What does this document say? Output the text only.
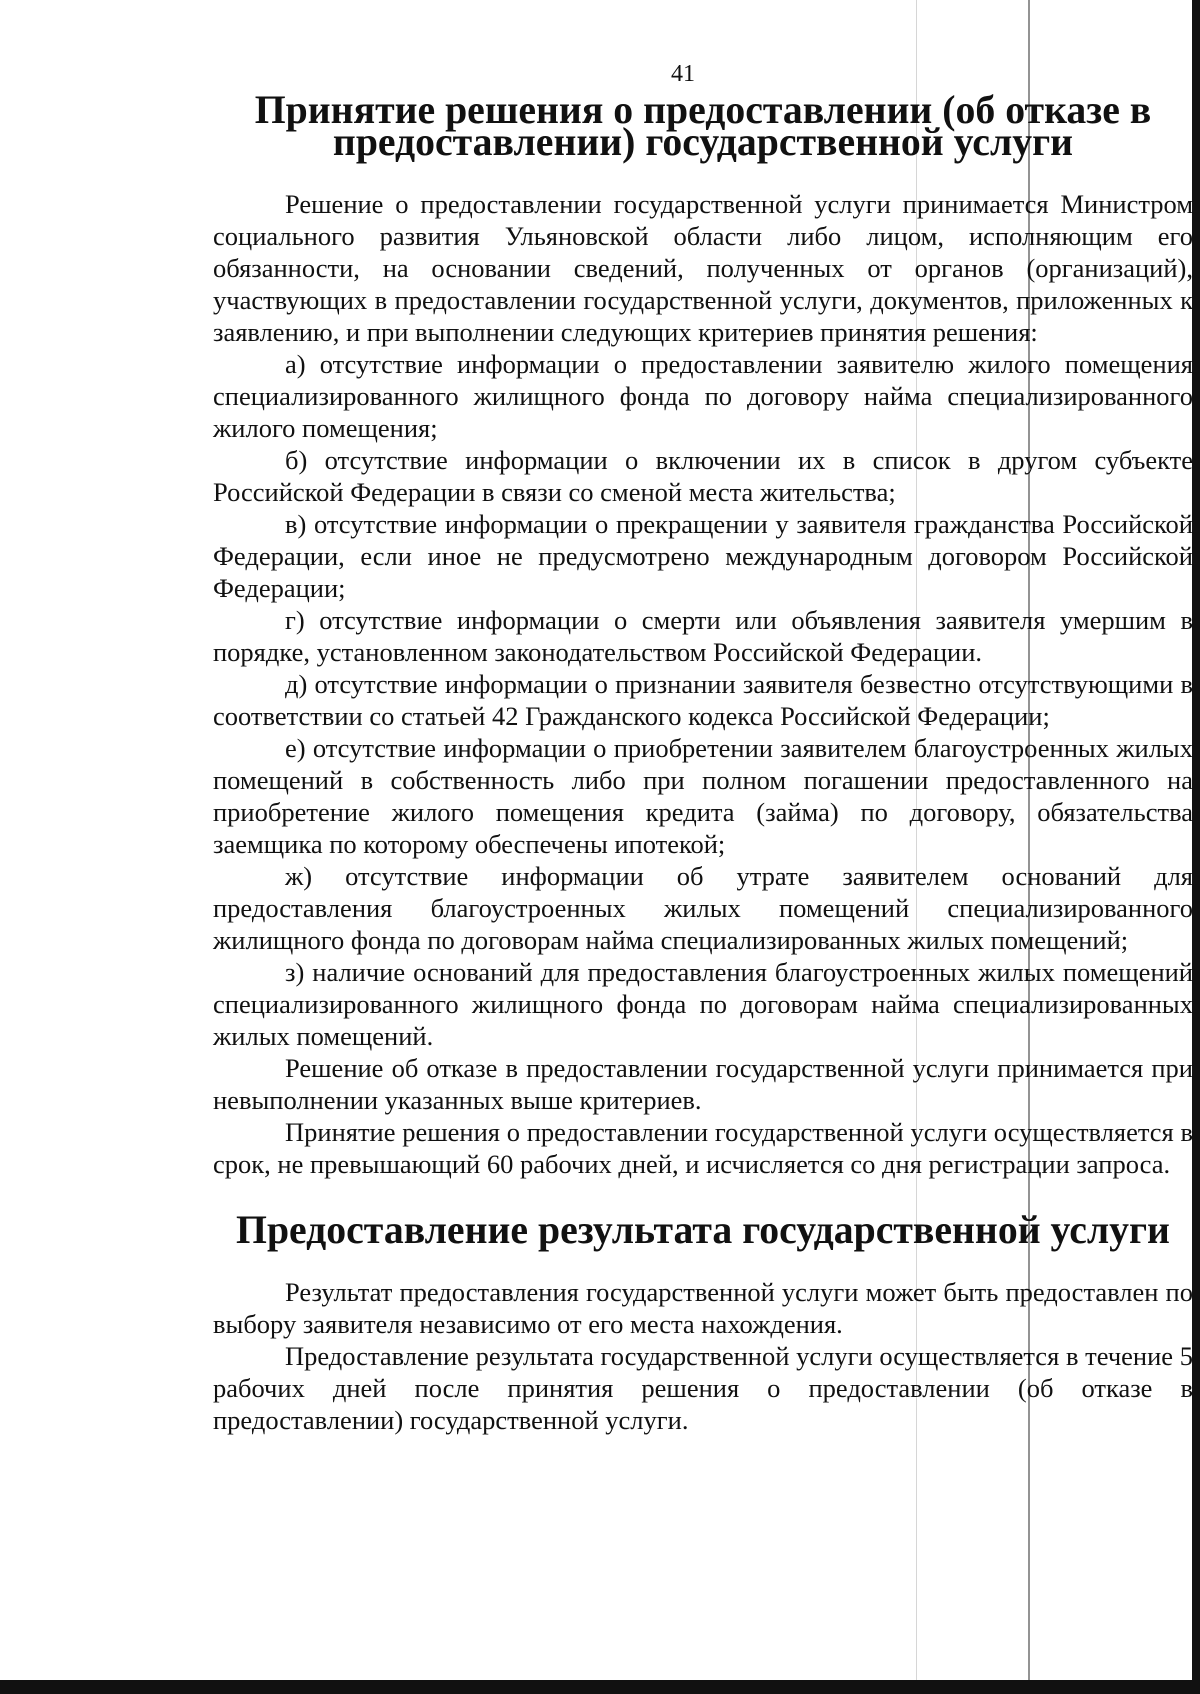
41
Принятие решения о предоставлении (об отказе в предоставлении) государственной услуги

Решение о предоставлении государственной услуги принимается Министром социального развития Ульяновской области либо лицом, исполняющим его обязанности, на основании сведений, полученных от органов (организаций), участвующих в предоставлении государственной услуги, документов, приложенных к заявлению, и при выполнении следующих критериев принятия решения:

а) отсутствие информации о предоставлении заявителю жилого помещения специализированного жилищного фонда по договору найма специализированного жилого помещения;

б) отсутствие информации о включении их в список в другом субъекте Российской Федерации в связи со сменой места жительства;

в) отсутствие информации о прекращении у заявителя гражданства Российской Федерации, если иное не предусмотрено международным договором Российской Федерации;

г) отсутствие информации о смерти или объявления заявителя умершим в порядке, установленном законодательством Российской Федерации.

д) отсутствие информации о признании заявителя безвестно отсутствующими в соответствии со статьей 42 Гражданского кодекса Российской Федерации;

е) отсутствие информации о приобретении заявителем благоустроенных жилых помещений в собственность либо при полном погашении предоставленного на приобретение жилого помещения кредита (займа) по договору, обязательства заемщика по которому обеспечены ипотекой;

ж) отсутствие информации об утрате заявителем оснований для предоставления благоустроенных жилых помещений специализированного жилищного фонда по договорам найма специализированных жилых помещений;

з) наличие оснований для предоставления благоустроенных жилых помещений специализированного жилищного фонда по договорам найма специализированных жилых помещений.

Решение об отказе в предоставлении государственной услуги принимается при невыполнении указанных выше критериев.

Принятие решения о предоставлении государственной услуги осуществляется в срок, не превышающий 60 рабочих дней, и исчисляется со дня регистрации запроса.

Предоставление результата государственной услуги

Результат предоставления государственной услуги может быть предоставлен по выбору заявителя независимо от его места нахождения.

Предоставление результата государственной услуги осуществляется в течение 5 рабочих дней после принятия решения о предоставлении (об отказе в предоставлении) государственной услуги.
